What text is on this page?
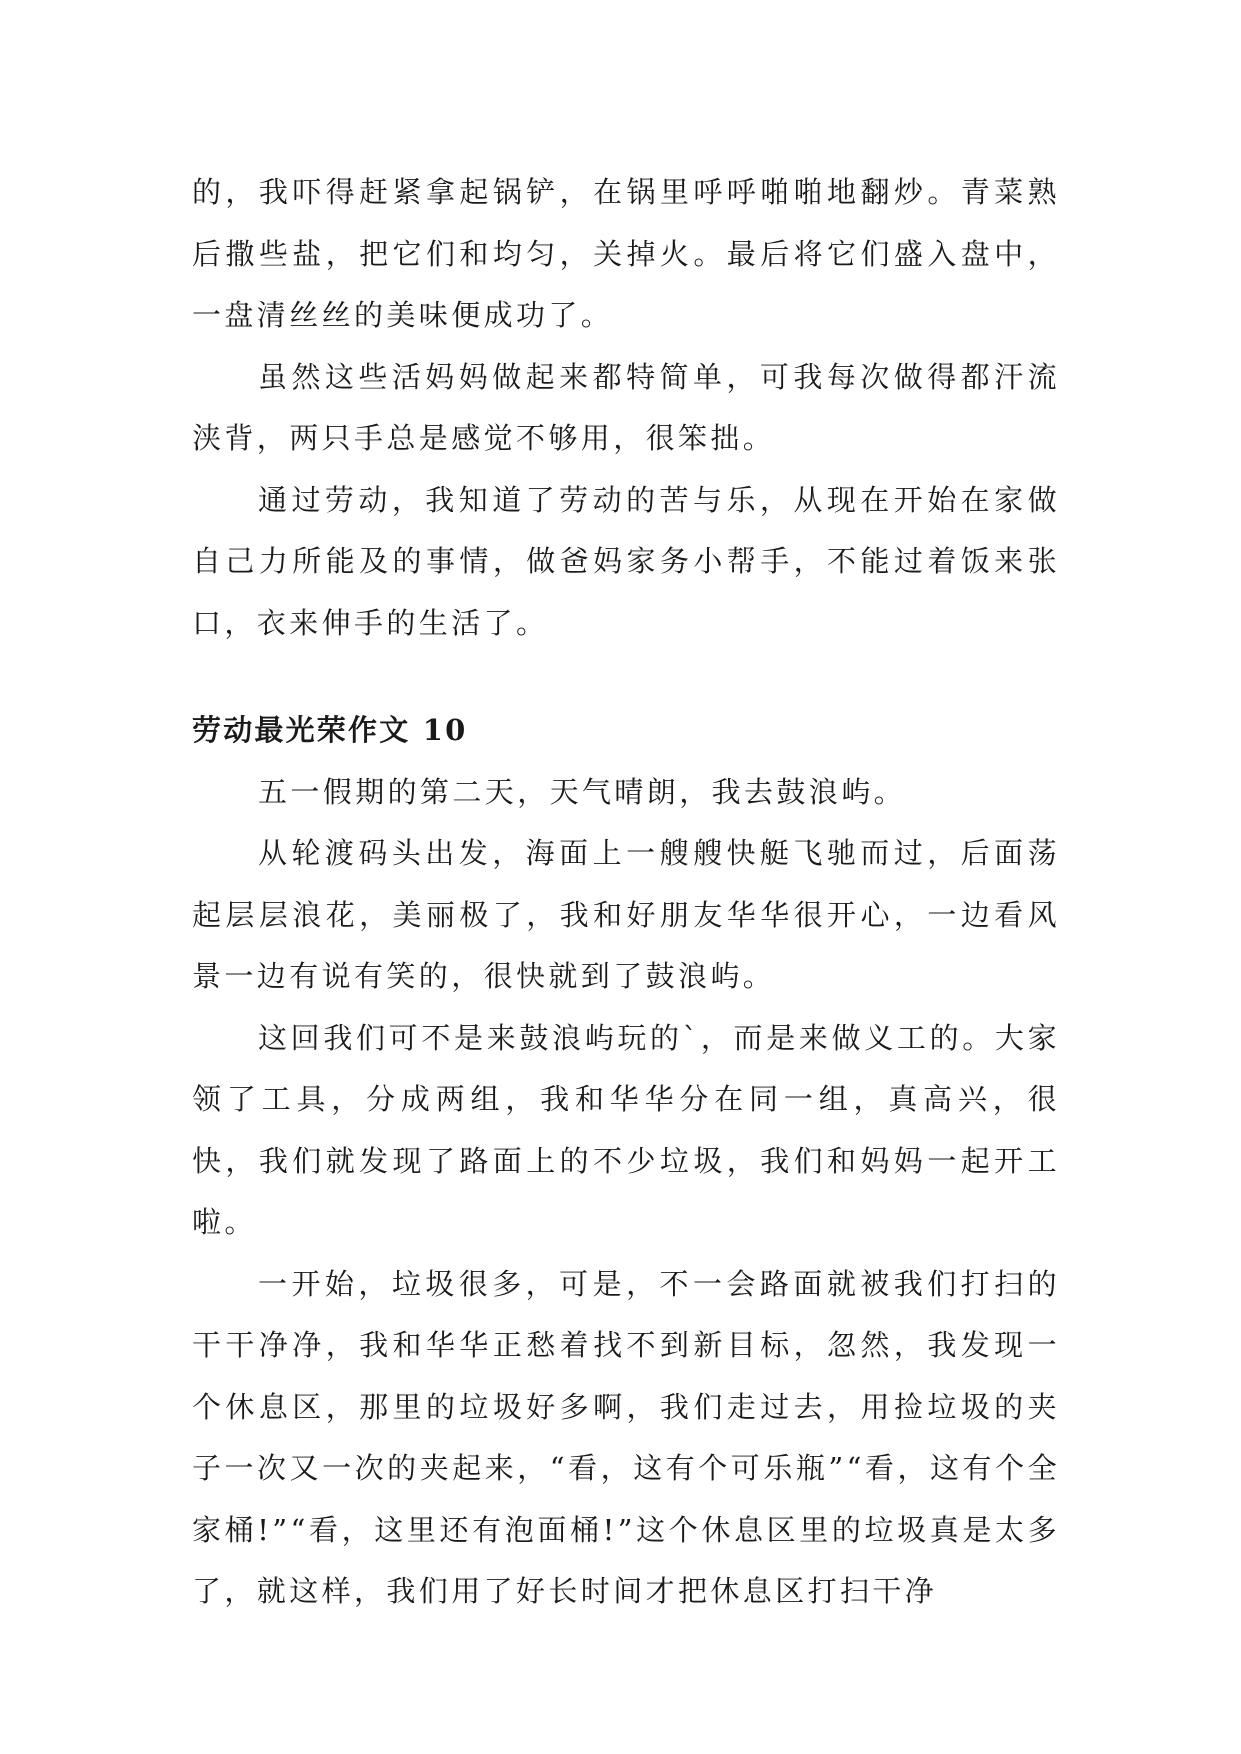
的，我吓得赶紧拿起锅铲，在锅里呼呼啪啪地翻炒。青菜熟后撒些盐，把它们和均匀，关掉火。最后将它们盛入盘中，一盘清丝丝的美味便成功了。

虽然这些活妈妈做起来都特简单，可我每次做得都汗流浃背，两只手总是感觉不够用，很笨拙。

通过劳动，我知道了劳动的苦与乐，从现在开始在家做自己力所能及的事情，做爸妈家务小帮手，不能过着饭来张口，衣来伸手的生活了。

劳动最光荣作文 10

五一假期的第二天，天气晴朗，我去鼓浪屿。

从轮渡码头出发，海面上一艘艘快艇飞驰而过，后面荡起层层浪花，美丽极了，我和好朋友华华很开心，一边看风景一边有说有笑的，很快就到了鼓浪屿。

这回我们可不是来鼓浪屿玩的`，而是来做义工的。大家领了工具，分成两组，我和华华分在同一组，真高兴，很快，我们就发现了路面上的不少垃圾，我们和妈妈一起开工啦。

一开始，垃圾很多，可是，不一会路面就被我们打扫的干干净净，我和华华正愁着找不到新目标，忽然，我发现一个休息区，那里的垃圾好多啊，我们走过去，用捡垃圾的夹子一次又一次的夹起来，“看，这有个可乐瓶”“看，这有个全家桶!”“看，这里还有泡面桶!”这个休息区里的垃圾真是太多了，就这样，我们用了好长时间才把休息区打扫干净
